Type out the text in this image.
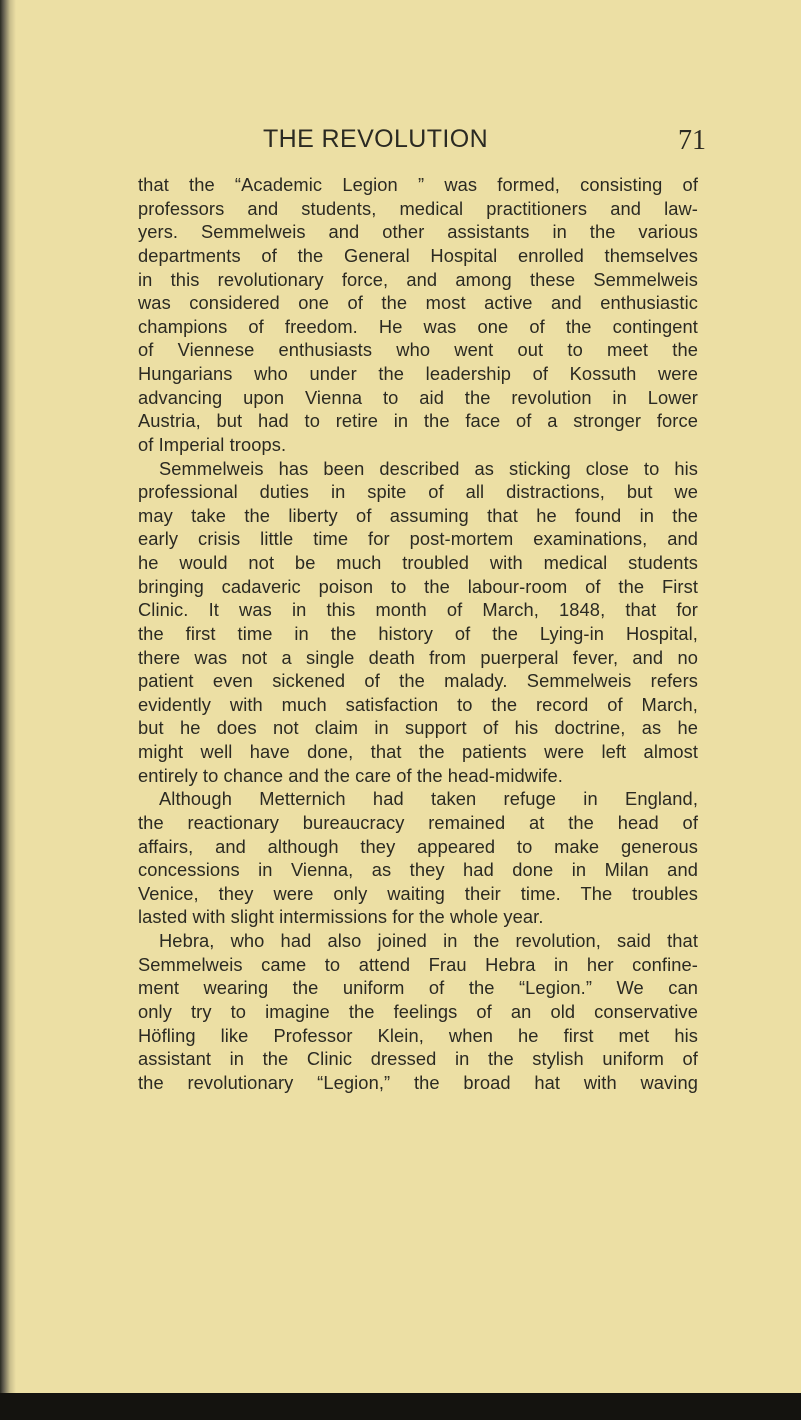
THE REVOLUTION	71
that the “Academic Legion ” was formed, consisting of
professors and students, medical practitioners and law-
yers. Semmelweis and other assistants in the various
departments of the General Hospital enrolled themselves
in this revolutionary force, and among these Semmelweis
was considered one of the most active and enthusiastic
champions of freedom. He was one of the contingent
of Viennese enthusiasts who went out to meet the
Hungarians who under the leadership of Kossuth were
advancing upon Vienna to aid the revolution in Lower
Austria, but had to retire in the face of a stronger force
of Imperial troops.
Semmelweis has been described as sticking close to his
professional duties in spite of all distractions, but we
may take the liberty of assuming that he found in the
early crisis little time for post-mortem examinations, and
he would not be much troubled with medical students
bringing cadaveric poison to the labour-room of the First
Clinic. It was in this month of March, 1848, that for
the first time in the history of the Lying-in Hospital,
there was not a single death from puerperal fever, and no
patient even sickened of the malady. Semmelweis refers
evidently with much satisfaction to the record of March,
but he does not claim in support of his doctrine, as he
might well have done, that the patients were left almost
entirely to chance and the care of the head-midwife.
Although Metternich had taken refuge in England,
the reactionary bureaucracy remained at the head of
affairs, and although they appeared to make generous
concessions in Vienna, as they had done in Milan and
Venice, they were only waiting their time. The troubles
lasted with slight intermissions for the whole year.
Hebra, who had also joined in the revolution, said that
Semmelweis came to attend Frau Hebra in her confine-
ment wearing the uniform of the “Legion.” We can
only try to imagine the feelings of an old conservative
Höfling like Professor Klein, when he first met his
assistant in the Clinic dressed in the stylish uniform of
the revolutionary “Legion,” the broad hat with waving
